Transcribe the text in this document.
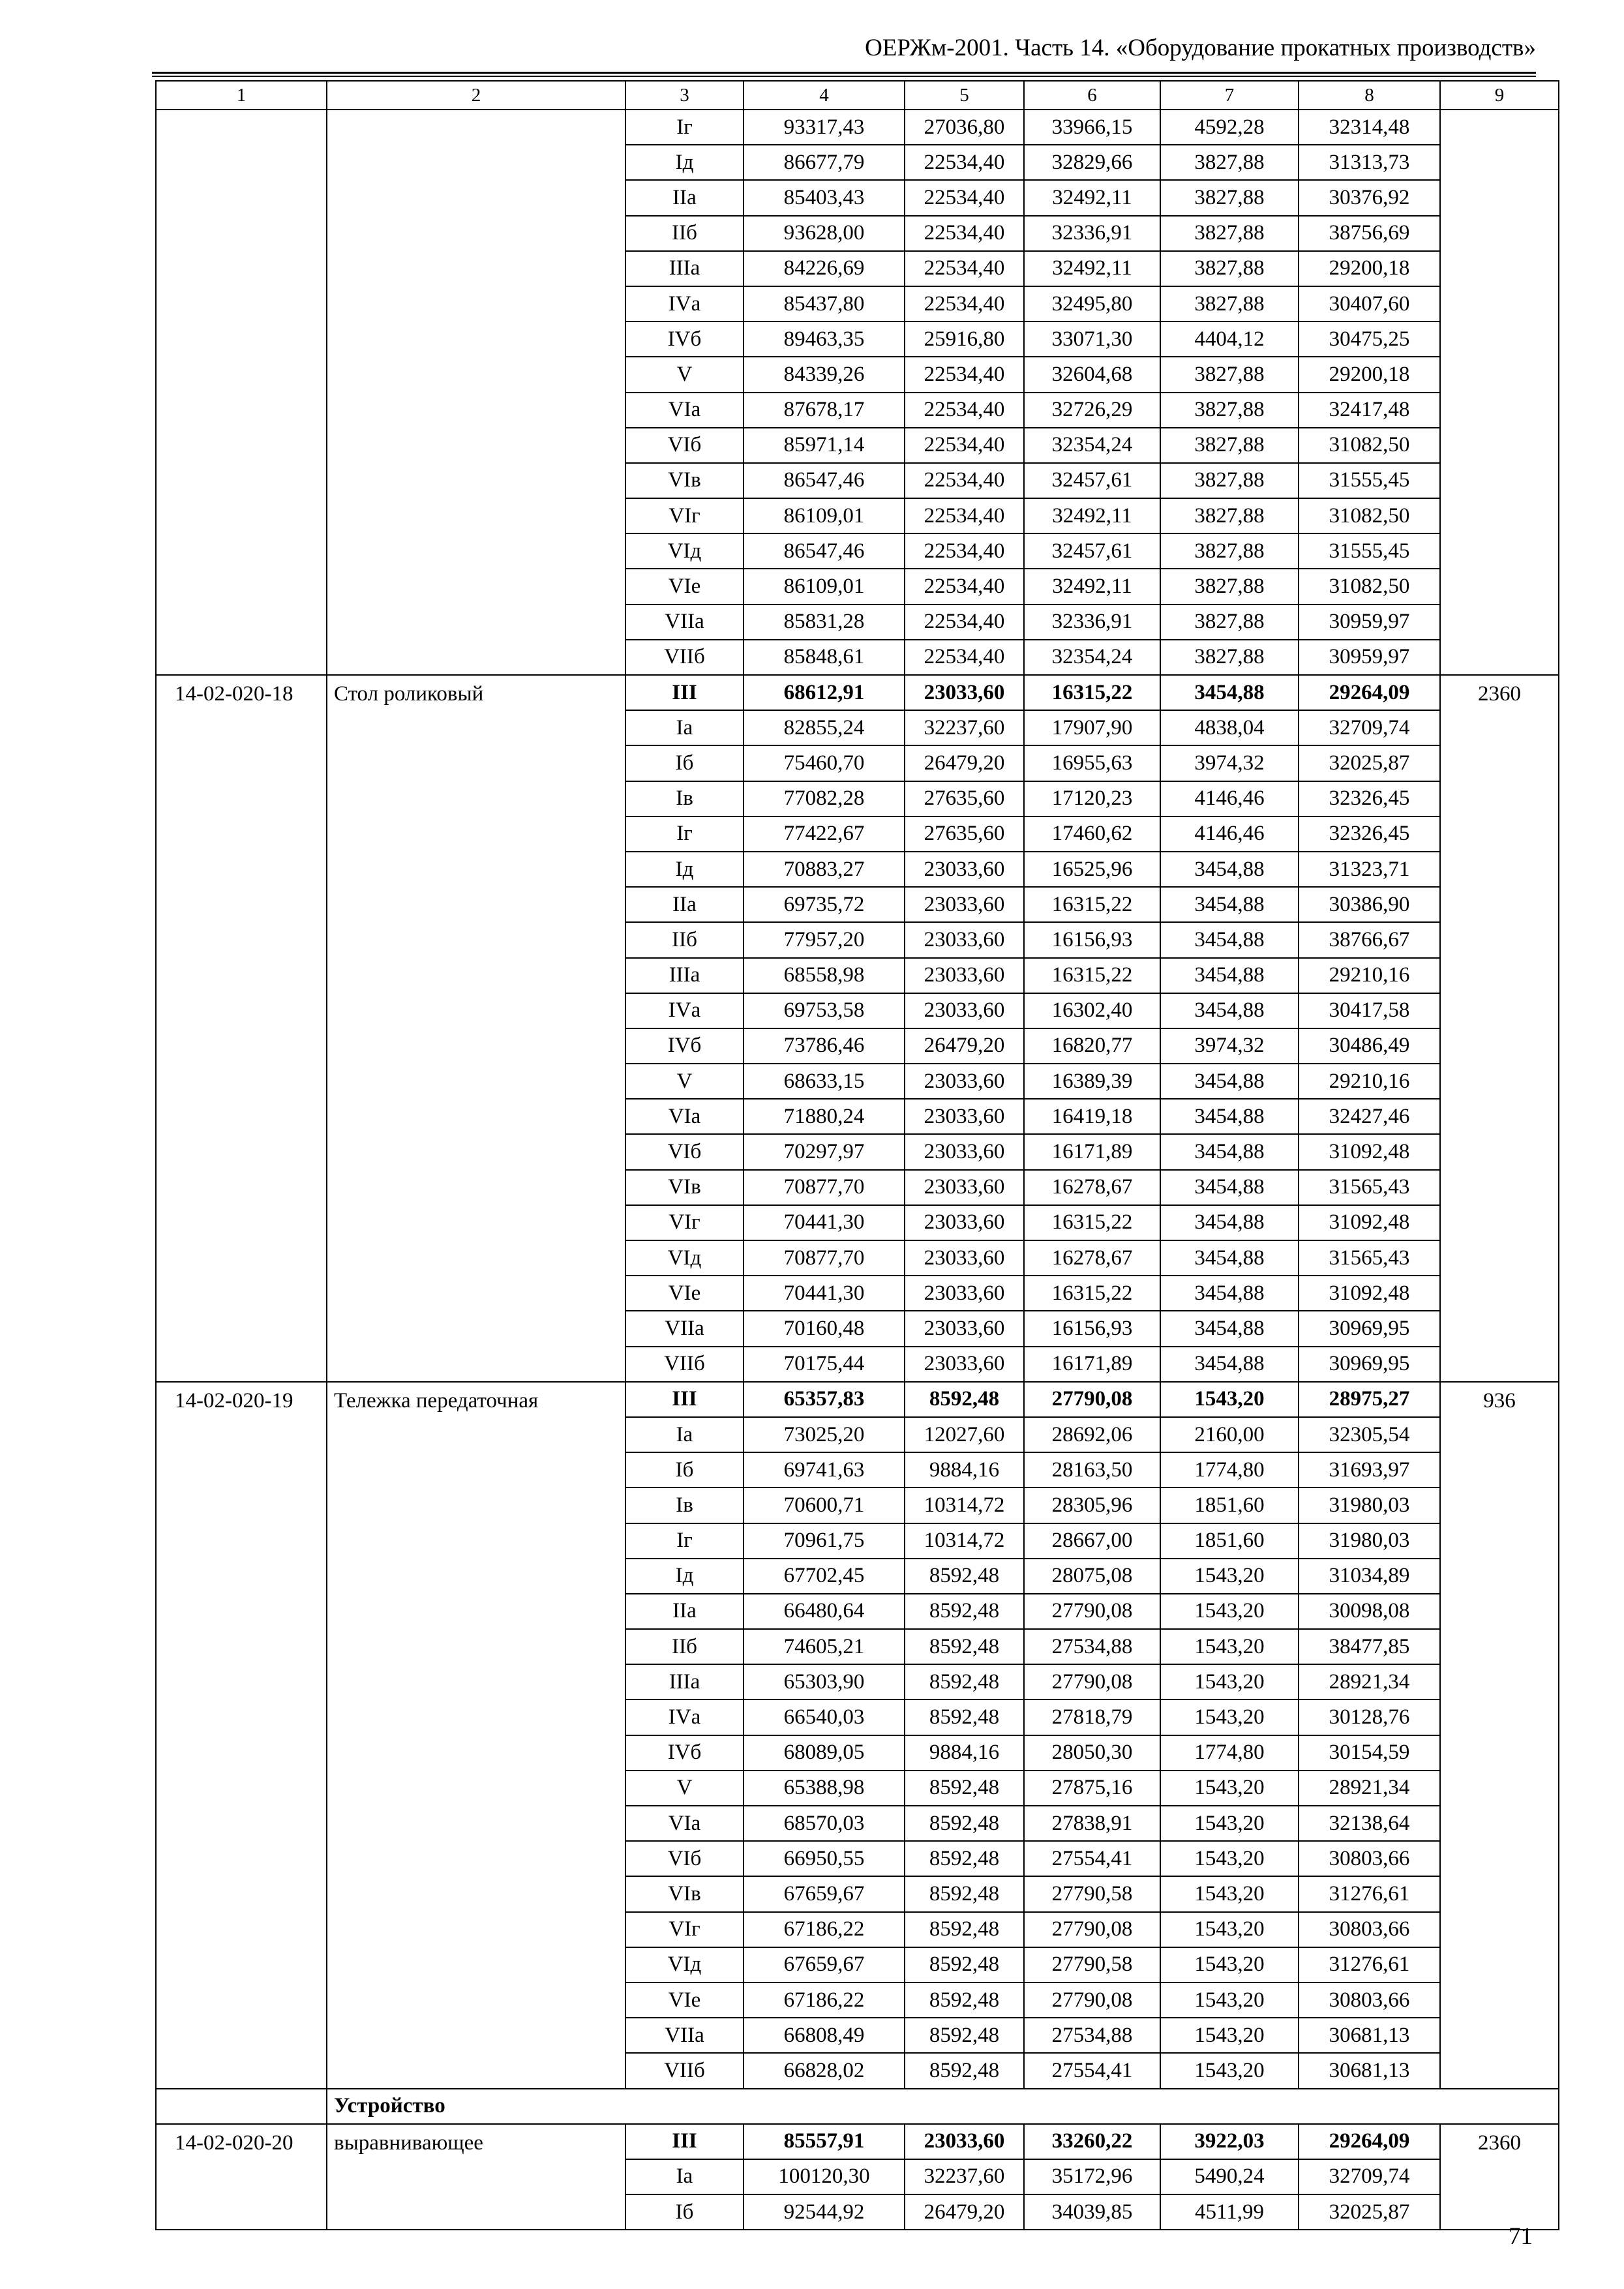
ОЕРЖм-2001. Часть 14. «Оборудование прокатных производств»
1	2	3	4	5	6	7	8	9
		Iг	93317,43	27036,80	33966,15	4592,28	32314,48	
		Iд	86677,79	22534,40	32829,66	3827,88	31313,73	
		IIа	85403,43	22534,40	32492,11	3827,88	30376,92	
		IIб	93628,00	22534,40	32336,91	3827,88	38756,69	
		IIIа	84226,69	22534,40	32492,11	3827,88	29200,18	
		IVа	85437,80	22534,40	32495,80	3827,88	30407,60	
		IVб	89463,35	25916,80	33071,30	4404,12	30475,25	
		V	84339,26	22534,40	32604,68	3827,88	29200,18	
		VIа	87678,17	22534,40	32726,29	3827,88	32417,48	
		VIб	85971,14	22534,40	32354,24	3827,88	31082,50	
		VIв	86547,46	22534,40	32457,61	3827,88	31555,45	
		VIг	86109,01	22534,40	32492,11	3827,88	31082,50	
		VIд	86547,46	22534,40	32457,61	3827,88	31555,45	
		VIе	86109,01	22534,40	32492,11	3827,88	31082,50	
		VIIа	85831,28	22534,40	32336,91	3827,88	30959,97	
		VIIб	85848,61	22534,40	32354,24	3827,88	30959,97	
14-02-020-18	Стол роликовый	III	68612,91	23033,60	16315,22	3454,88	29264,09	2360
		Iа	82855,24	32237,60	17907,90	4838,04	32709,74	
		Iб	75460,70	26479,20	16955,63	3974,32	32025,87	
		Iв	77082,28	27635,60	17120,23	4146,46	32326,45	
		Iг	77422,67	27635,60	17460,62	4146,46	32326,45	
		Iд	70883,27	23033,60	16525,96	3454,88	31323,71	
		IIа	69735,72	23033,60	16315,22	3454,88	30386,90	
		IIб	77957,20	23033,60	16156,93	3454,88	38766,67	
		IIIа	68558,98	23033,60	16315,22	3454,88	29210,16	
		IVа	69753,58	23033,60	16302,40	3454,88	30417,58	
		IVб	73786,46	26479,20	16820,77	3974,32	30486,49	
		V	68633,15	23033,60	16389,39	3454,88	29210,16	
		VIа	71880,24	23033,60	16419,18	3454,88	32427,46	
		VIб	70297,97	23033,60	16171,89	3454,88	31092,48	
		VIв	70877,70	23033,60	16278,67	3454,88	31565,43	
		VIг	70441,30	23033,60	16315,22	3454,88	31092,48	
		VIд	70877,70	23033,60	16278,67	3454,88	31565,43	
		VIе	70441,30	23033,60	16315,22	3454,88	31092,48	
		VIIа	70160,48	23033,60	16156,93	3454,88	30969,95	
		VIIб	70175,44	23033,60	16171,89	3454,88	30969,95	
14-02-020-19	Тележка передаточная	III	65357,83	8592,48	27790,08	1543,20	28975,27	936
		Iа	73025,20	12027,60	28692,06	2160,00	32305,54	
		Iб	69741,63	9884,16	28163,50	1774,80	31693,97	
		Iв	70600,71	10314,72	28305,96	1851,60	31980,03	
		Iг	70961,75	10314,72	28667,00	1851,60	31980,03	
		Iд	67702,45	8592,48	28075,08	1543,20	31034,89	
		IIа	66480,64	8592,48	27790,08	1543,20	30098,08	
		IIб	74605,21	8592,48	27534,88	1543,20	38477,85	
		IIIа	65303,90	8592,48	27790,08	1543,20	28921,34	
		IVа	66540,03	8592,48	27818,79	1543,20	30128,76	
		IVб	68089,05	9884,16	28050,30	1774,80	30154,59	
		V	65388,98	8592,48	27875,16	1543,20	28921,34	
		VIа	68570,03	8592,48	27838,91	1543,20	32138,64	
		VIб	66950,55	8592,48	27554,41	1543,20	30803,66	
		VIв	67659,67	8592,48	27790,58	1543,20	31276,61	
		VIг	67186,22	8592,48	27790,08	1543,20	30803,66	
		VIд	67659,67	8592,48	27790,58	1543,20	31276,61	
		VIе	67186,22	8592,48	27790,08	1543,20	30803,66	
		VIIа	66808,49	8592,48	27534,88	1543,20	30681,13	
		VIIб	66828,02	8592,48	27554,41	1543,20	30681,13	
	Устройство							
14-02-020-20	выравнивающее	III	85557,91	23033,60	33260,22	3922,03	29264,09	2360
		Iа	100120,30	32237,60	35172,96	5490,24	32709,74	
		Iб	92544,92	26479,20	34039,85	4511,99	32025,87	
71
